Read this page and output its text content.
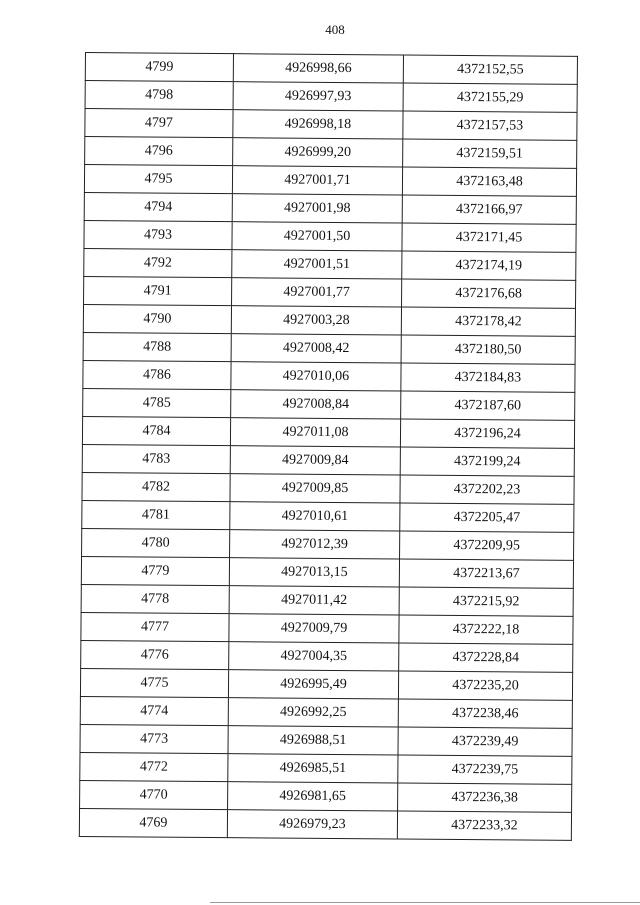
408
4799	4926998,66	4372152,55
4798	4926997,93	4372155,29
4797	4926998,18	4372157,53
4796	4926999,20	4372159,51
4795	4927001,71	4372163,48
4794	4927001,98	4372166,97
4793	4927001,50	4372171,45
4792	4927001,51	4372174,19
4791	4927001,77	4372176,68
4790	4927003,28	4372178,42
4788	4927008,42	4372180,50
4786	4927010,06	4372184,83
4785	4927008,84	4372187,60
4784	4927011,08	4372196,24
4783	4927009,84	4372199,24
4782	4927009,85	4372202,23
4781	4927010,61	4372205,47
4780	4927012,39	4372209,95
4779	4927013,15	4372213,67
4778	4927011,42	4372215,92
4777	4927009,79	4372222,18
4776	4927004,35	4372228,84
4775	4926995,49	4372235,20
4774	4926992,25	4372238,46
4773	4926988,51	4372239,49
4772	4926985,51	4372239,75
4770	4926981,65	4372236,38
4769	4926979,23	4372233,32
